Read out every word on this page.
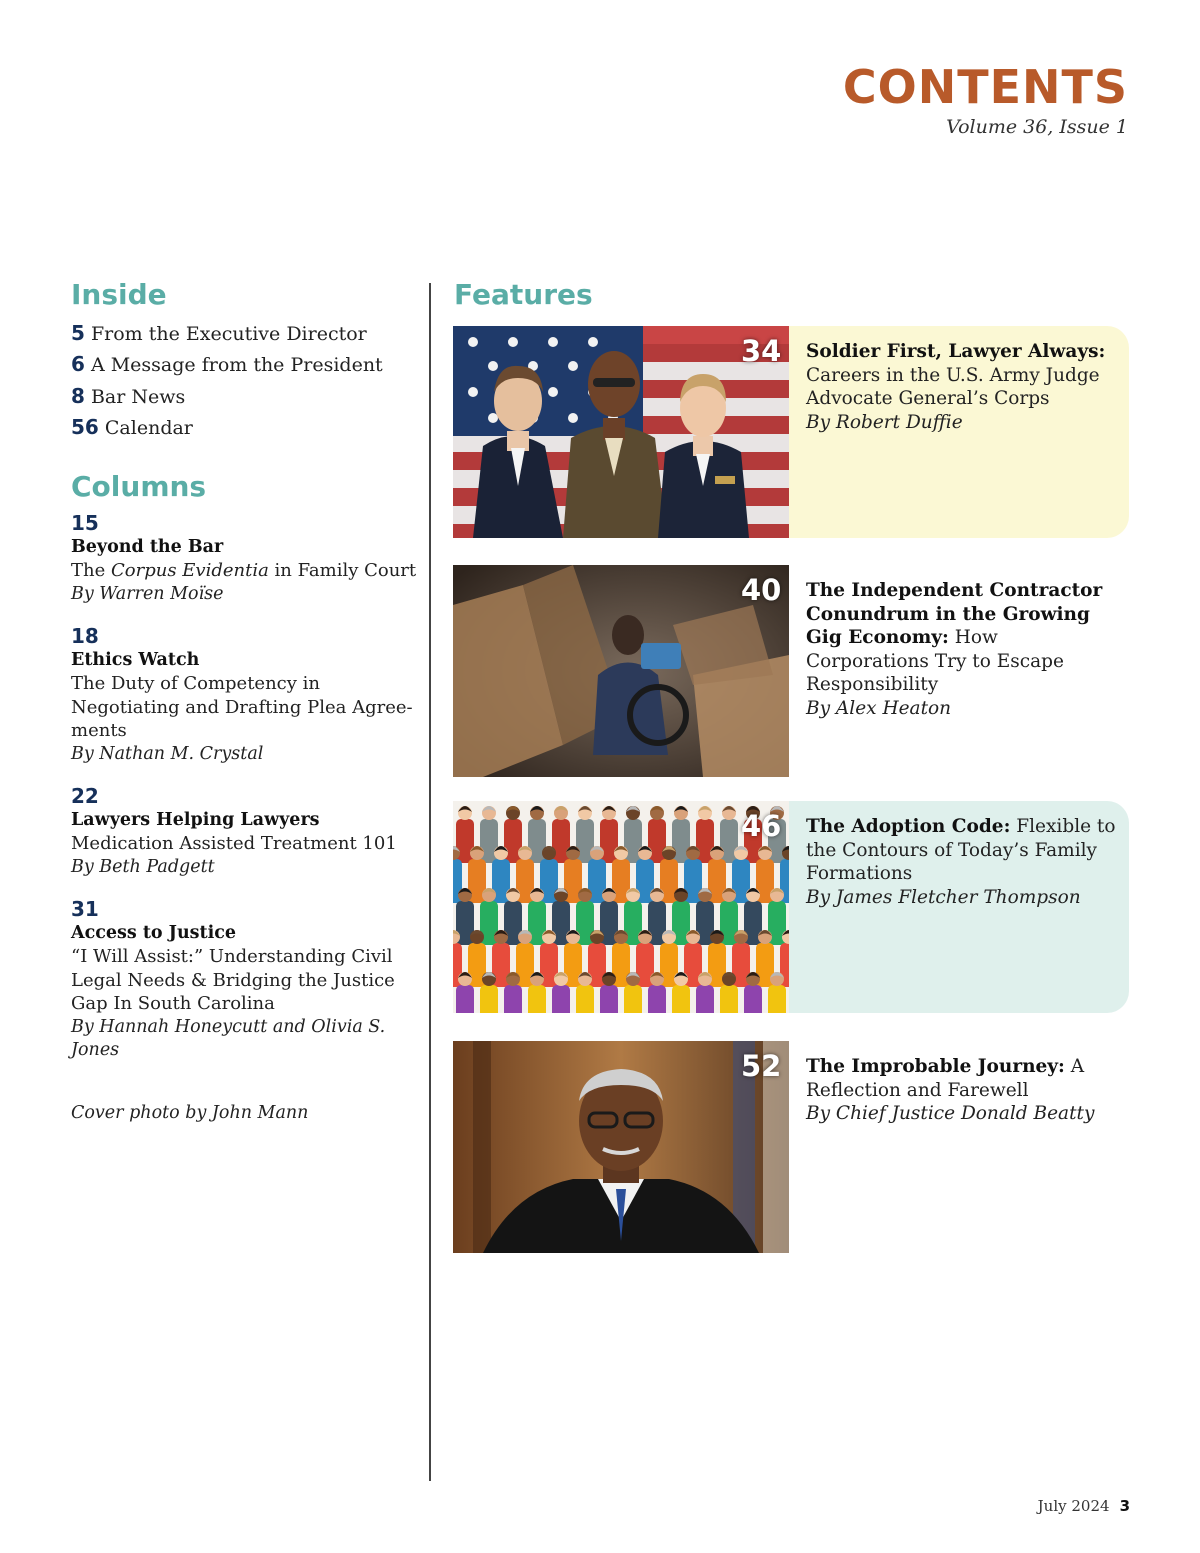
CONTENTS
Volume 36, Issue 1
Inside
5 From the Executive Director
6 A Message from the President
8 Bar News
56 Calendar
Columns
15
Beyond the Bar
The Corpus Evidentia in Family Court
By Warren Moïse
18
Ethics Watch
The Duty of Competency in Negotiating and Drafting Plea Agree-ments
By Nathan M. Crystal
22
Lawyers Helping Lawyers
Medication Assisted Treatment 101
By Beth Padgett
31
Access to Justice
“I Will Assist:” Understanding Civil Legal Needs & Bridging the Justice Gap In South Carolina
By Hannah Honeycutt and Olivia S. Jones
Cover photo by John Mann
Features
34 Soldier First, Lawyer Always: Careers in the U.S. Army Judge Advocate General’s Corps
By Robert Duffie
40 The Independent Contractor Conundrum in the Growing Gig Economy: How Corporations Try to Escape Responsibility
By Alex Heaton
46 The Adoption Code: Flexible to the Contours of Today’s Family Formations
By James Fletcher Thompson
52 The Improbable Journey: A Reflection and Farewell
By Chief Justice Donald Beatty
July 2024 3
